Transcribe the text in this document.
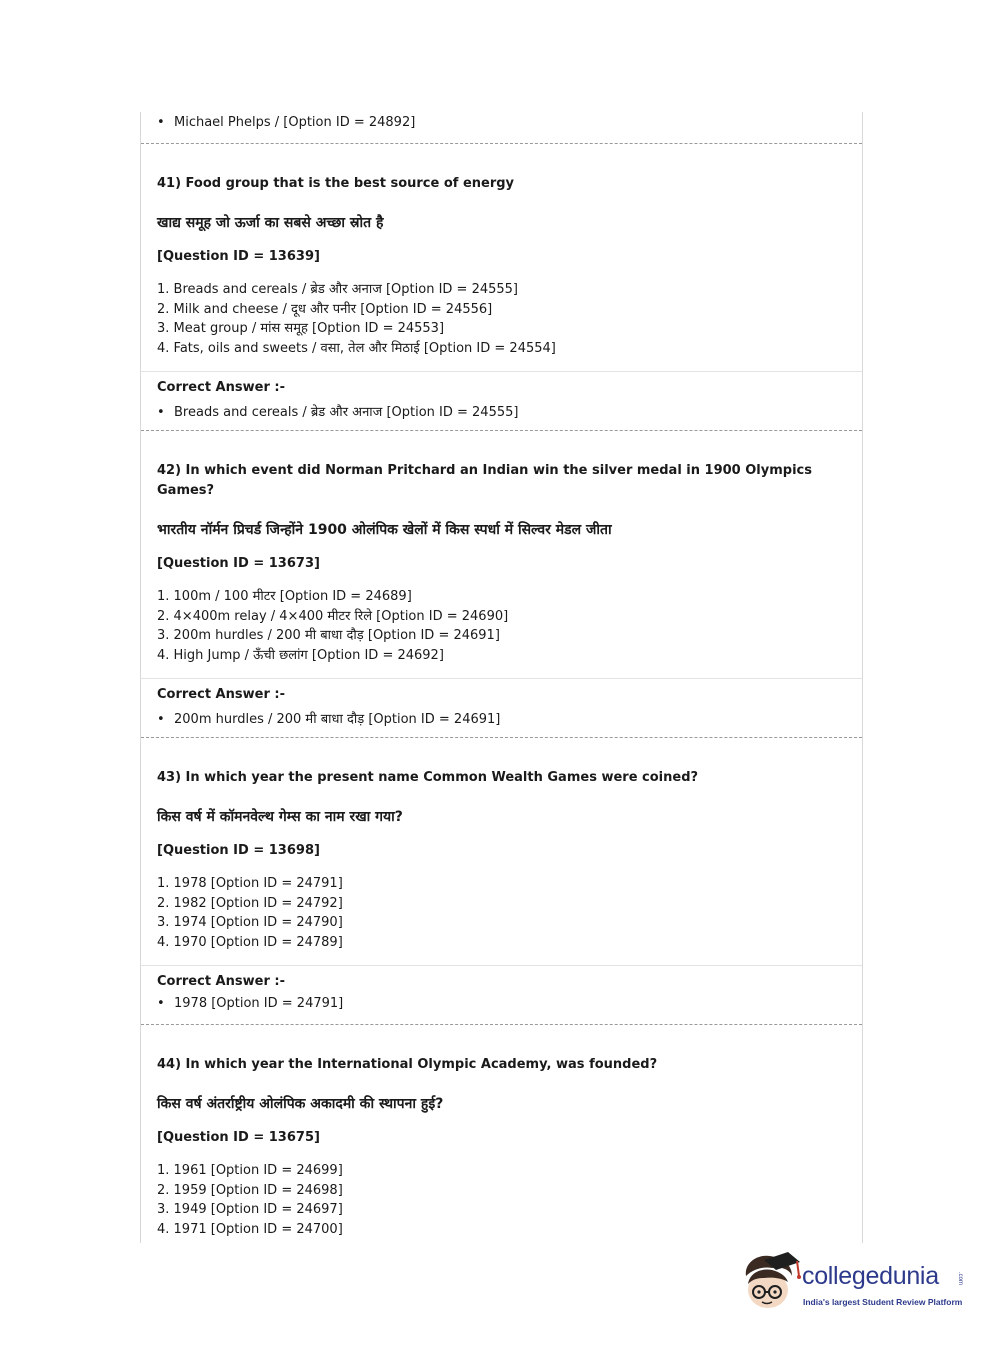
• Michael Phelps / [Option ID = 24892]
41) Food group that is the best source of energy
खाद्य समूह जो ऊर्जा का सबसे अच्छा स्रोत है
[Question ID = 13639]
1. Breads and cereals / ब्रेड और अनाज [Option ID = 24555]
2. Milk and cheese / दूध और पनीर [Option ID = 24556]
3. Meat group / मांस समूह [Option ID = 24553]
4. Fats, oils and sweets / वसा, तेल और मिठाई [Option ID = 24554]
Correct Answer :-
• Breads and cereals / ब्रेड और अनाज [Option ID = 24555]
42) In which event did Norman Pritchard an Indian win the silver medal in 1900 Olympics
Games?
भारतीय नॉर्मन प्रिचर्ड जिन्होंने 1900 ओलंपिक खेलों में किस स्पर्धा में सिल्वर मेडल जीता
[Question ID = 13673]
1. 100m / 100 मीटर [Option ID = 24689]
2. 4×400m relay / 4×400 मीटर रिले [Option ID = 24690]
3. 200m hurdles / 200 मी बाधा दौड़ [Option ID = 24691]
4. High Jump / ऊँची छलांग [Option ID = 24692]
Correct Answer :-
• 200m hurdles / 200 मी बाधा दौड़ [Option ID = 24691]
43) In which year the present name Common Wealth Games were coined?
किस वर्ष में कॉमनवेल्थ गेम्स का नाम रखा गया?
[Question ID = 13698]
1. 1978 [Option ID = 24791]
2. 1982 [Option ID = 24792]
3. 1974 [Option ID = 24790]
4. 1970 [Option ID = 24789]
Correct Answer :-
• 1978 [Option ID = 24791]
44) In which year the International Olympic Academy, was founded?
किस वर्ष अंतर्राष्ट्रीय ओलंपिक अकादमी की स्थापना हुई?
[Question ID = 13675]
1. 1961 [Option ID = 24699]
2. 1959 [Option ID = 24698]
3. 1949 [Option ID = 24697]
4. 1971 [Option ID = 24700]
collegedunia	.com
India's largest Student Review Platform
